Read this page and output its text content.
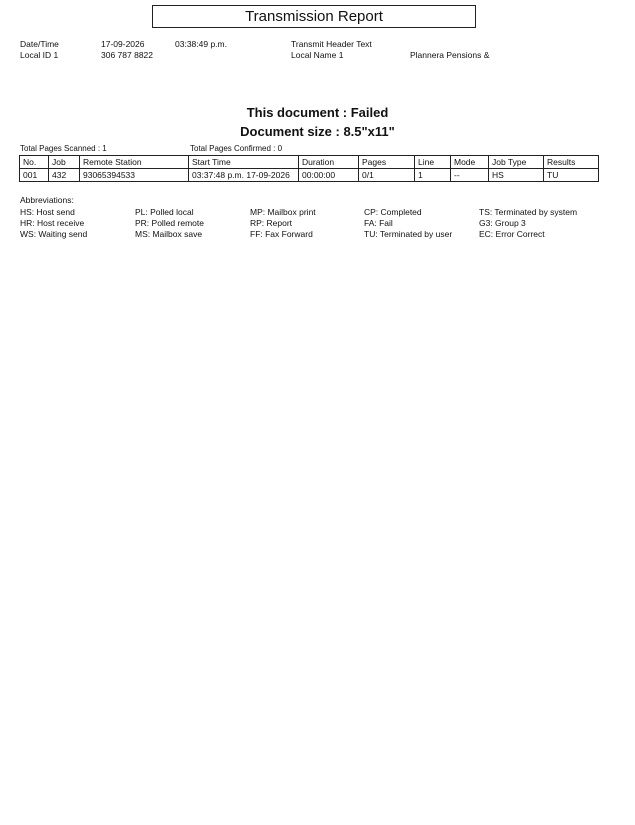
Transmission Report
Date/Time	17-09-2026	03:38:49 p.m.	Transmit Header Text
Local ID 1	306 787 8822	Local Name 1	Plannera Pensions &
This document : Failed
Document size : 8.5"x11"
Total Pages Scanned : 1	Total Pages Confirmed : 0
No.	Job	Remote Station	Start Time	Duration	Pages	Line	Mode	Job Type	Results
001	432	93065394533	03:37:48 p.m. 17-09-2026	00:00:00	0/1	1	--	HS	TU
Abbreviations:
HS: Host send	PL: Polled local	MP: Mailbox print	CP: Completed	TS: Terminated by system
HR: Host receive	PR: Polled remote	RP: Report	FA: Fail	G3: Group 3
WS: Waiting send	MS: Mailbox save	FF: Fax Forward	TU: Terminated by user	EC: Error Correct
